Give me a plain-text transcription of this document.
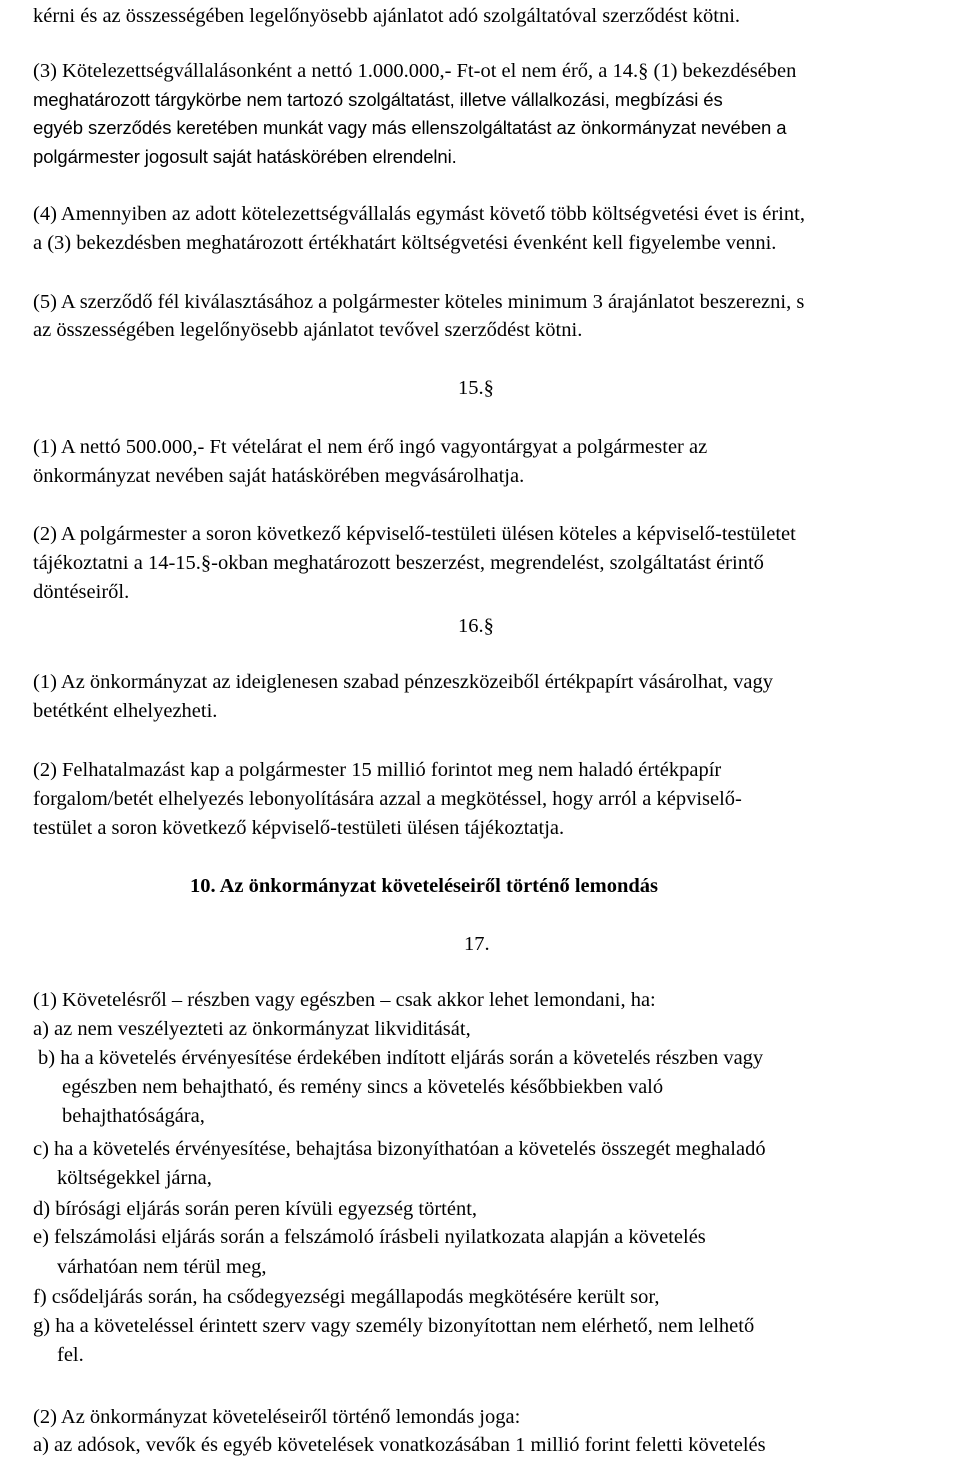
kérni és az összességében legelőnyösebb ajánlatot adó szolgáltatóval szerződést kötni.
(3) Kötelezettségvállalásonként a nettó 1.000.000,- Ft-ot el nem érő, a 14.§ (1) bekezdésében
meghatározott tárgykörbe nem tartozó szolgáltatást, illetve vállalkozási, megbízási és
egyéb szerződés keretében munkát vagy más ellenszolgáltatást az önkormányzat nevében a
polgármester jogosult saját hatáskörében elrendelni.
(4) Amennyiben az adott kötelezettségvállalás egymást követő több költségvetési évet is érint,
a (3) bekezdésben meghatározott értékhatárt költségvetési évenként kell figyelembe venni.
(5) A szerződő fél kiválasztásához a polgármester köteles minimum 3 árajánlatot beszerezni, s
az összességében legelőnyösebb ajánlatot tevővel szerződést kötni.
15.§
(1) A nettó 500.000,- Ft vételárat el nem érő ingó vagyontárgyat a polgármester az
önkormányzat nevében saját hatáskörében megvásárolhatja.
(2) A polgármester a soron következő képviselő-testületi ülésen köteles a képviselő-testületet
tájékoztatni a 14-15.§-okban meghatározott beszerzést, megrendelést, szolgáltatást érintő
döntéseiről.
16.§
(1) Az önkormányzat az ideiglenesen szabad pénzeszközeiből értékpapírt vásárolhat, vagy
betétként elhelyezheti.
(2) Felhatalmazást kap a polgármester 15 millió forintot meg nem haladó értékpapír
forgalom/betét elhelyezés lebonyolítására azzal a megkötéssel, hogy arról a képviselő-
testület a soron következő képviselő-testületi ülésen tájékoztatja.
10. Az önkormányzat követeléseiről történő lemondás
17.
(1) Követelésről – részben vagy egészben – csak akkor lehet lemondani, ha:
a) az nem veszélyezteti az önkormányzat likviditását,
b) ha a követelés érvényesítése érdekében indított eljárás során a követelés részben vagy
egészben nem behajtható, és remény sincs a követelés későbbiekben való
behajthatóságára,
c) ha a követelés érvényesítése, behajtása bizonyíthatóan a követelés összegét meghaladó
költségekkel járna,
d) bírósági eljárás során peren kívüli egyezség történt,
e) felszámolási eljárás során a felszámoló írásbeli nyilatkozata alapján a követelés
várhatóan nem térül meg,
f) csődeljárás során, ha csődegyezségi megállapodás megkötésére került sor,
g) ha a követeléssel érintett szerv vagy személy bizonyítottan nem elérhető, nem lelhető
fel.
(2) Az önkormányzat követeléseiről történő lemondás joga:
a) az adósok, vevők és egyéb követelések vonatkozásában 1 millió forint feletti követelés
